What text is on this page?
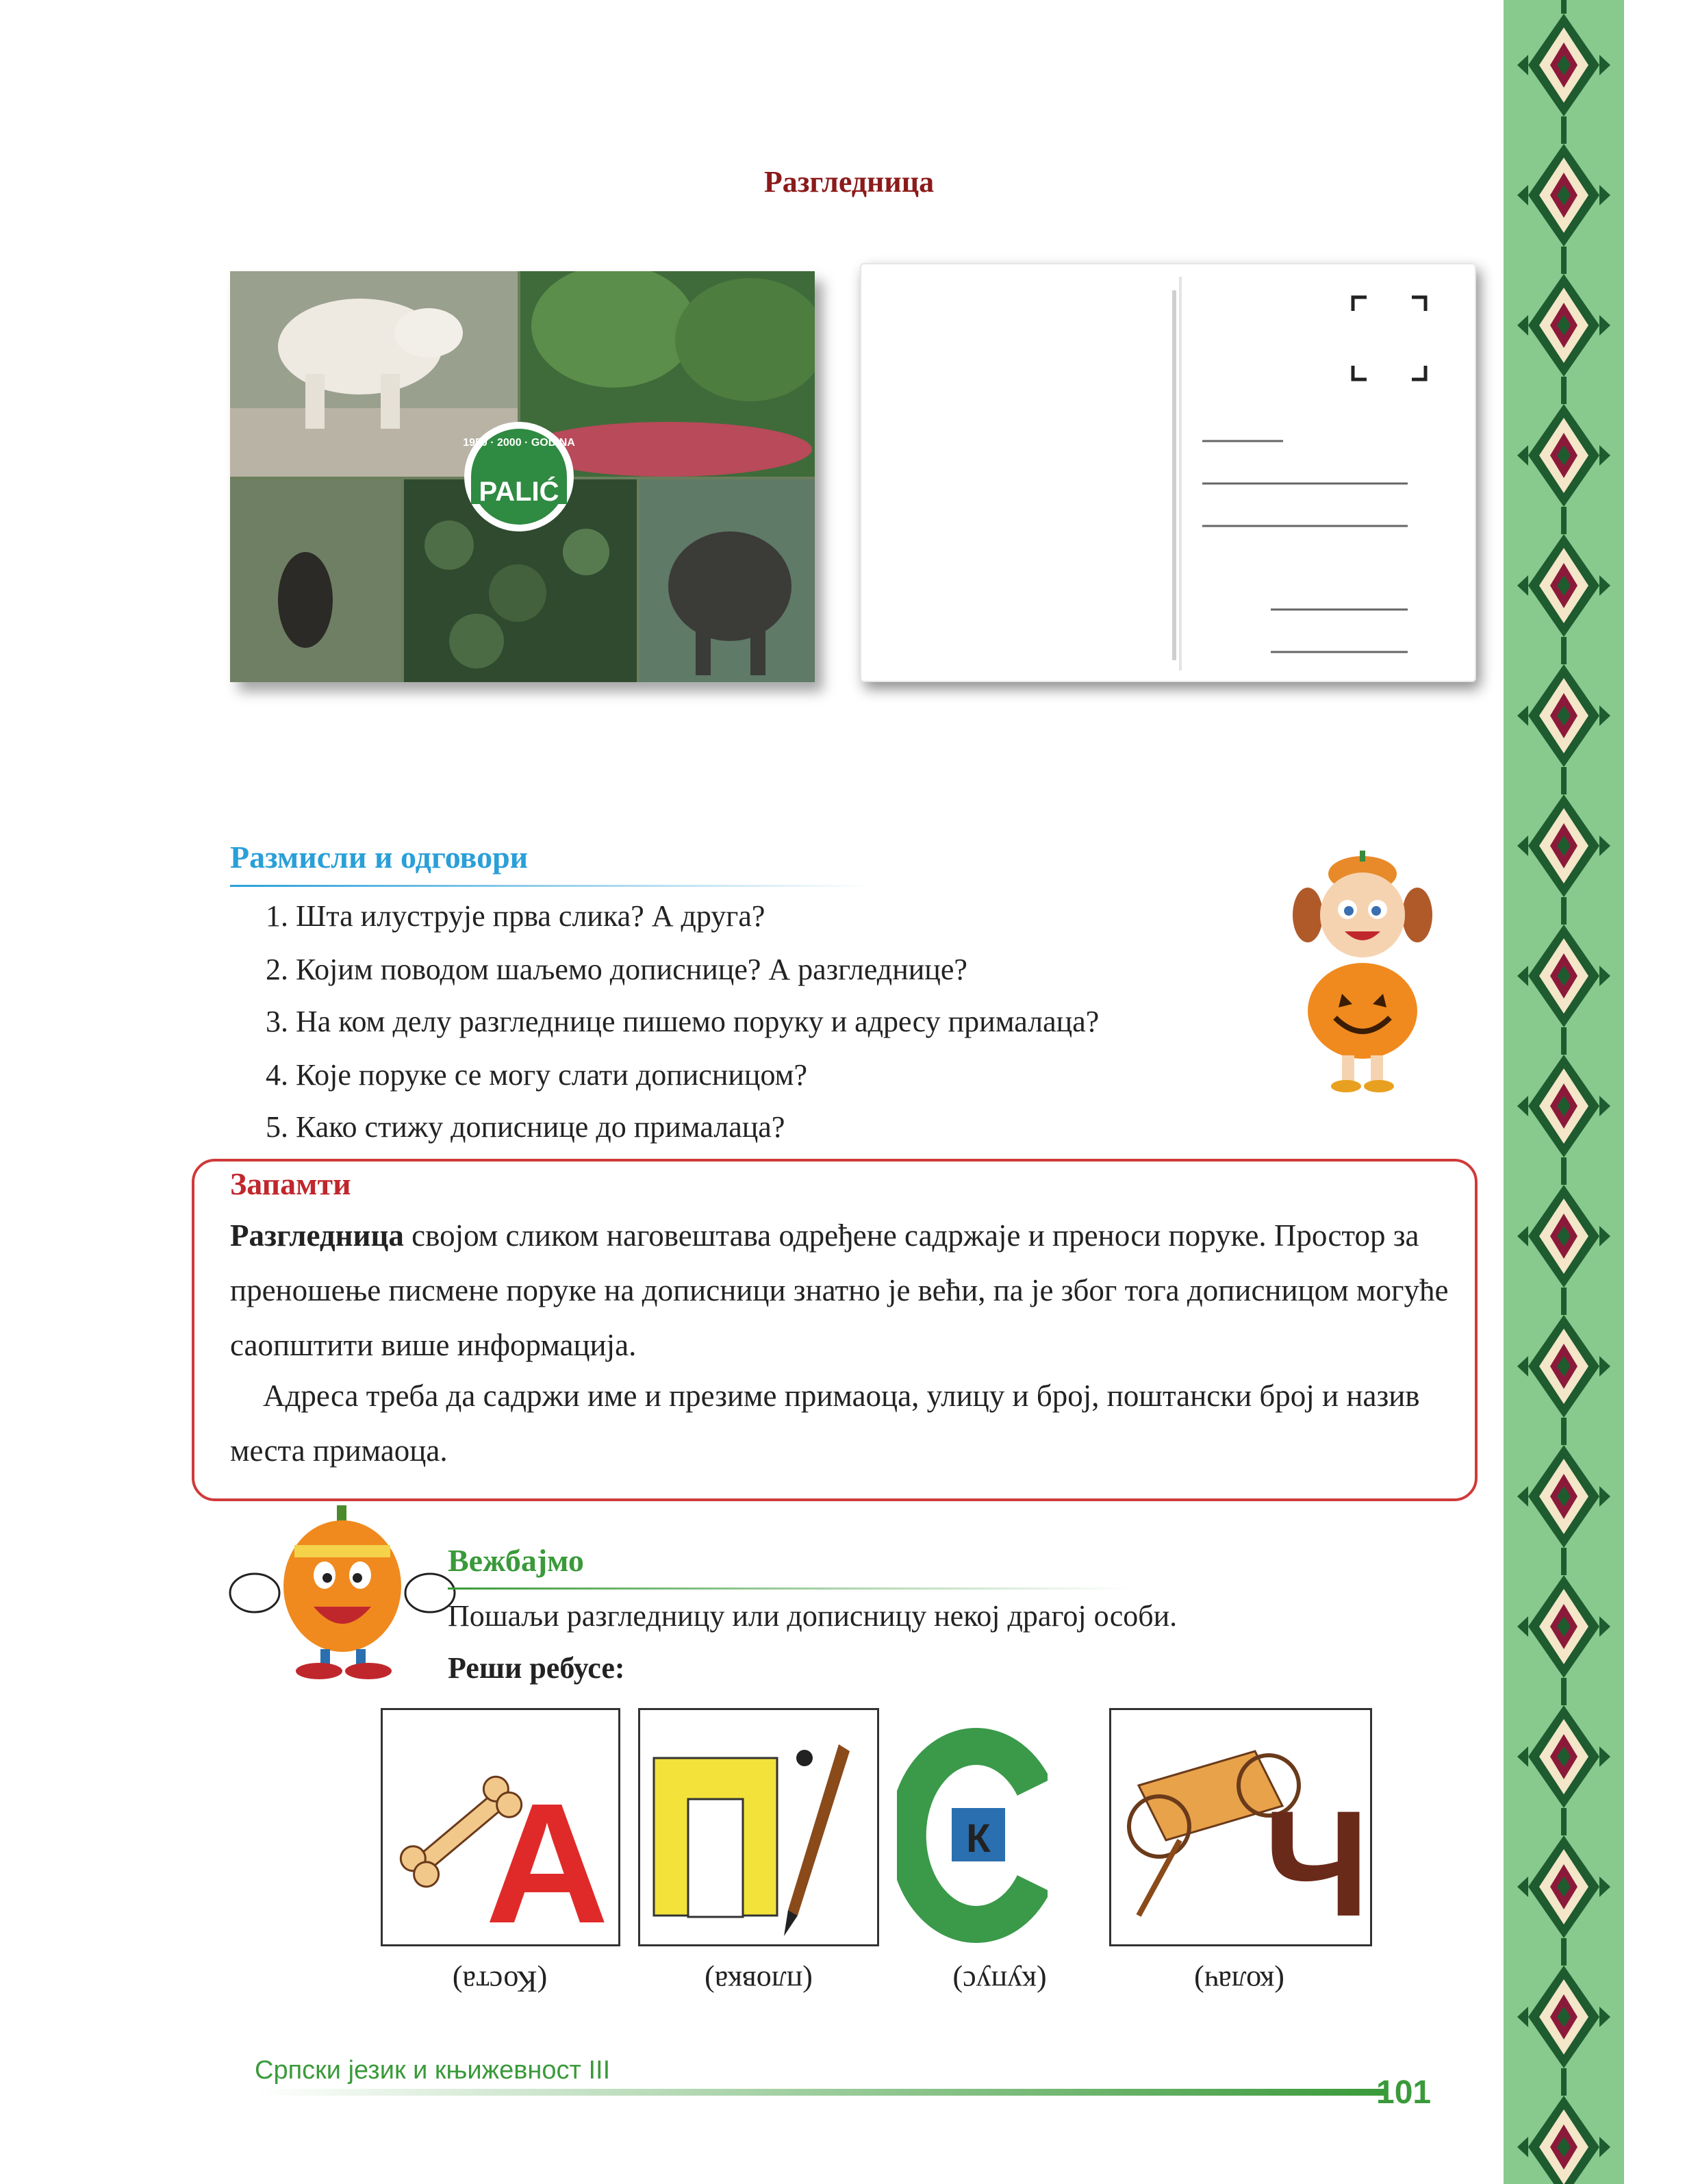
Разгледница
1950 · 2000 · GODINA
PALIĆ
Размисли и одговори
1. Шта илуструје прва слика? А друга?
2. Којим поводом шаљемо дописнице? А разгледнице?
3. На ком делу разгледнице пишемо поруку и адресу прималаца?
4. Које поруке се могу слати дописницом?
5. Како стижу дописнице до прималаца?
Запамти
Разгледница својом сликом наговештава одређене садржаје и преноси поруке. Простор за преношење писмене поруке на дописници знатно је већи, па је због тога дописницом могуће саопштити више информација.
Адреса треба да садржи име и презиме примаоца, улицу и број, поштански број и назив места примаоца.
Вежбајмо
Пошаљи разгледницу или дописницу некој драгој особи.
Реши ребусе:
А	П
К
С
Ч
(Коста)	(пловка)	(купус)	(колач)
Српски језик и књижевност III
101
